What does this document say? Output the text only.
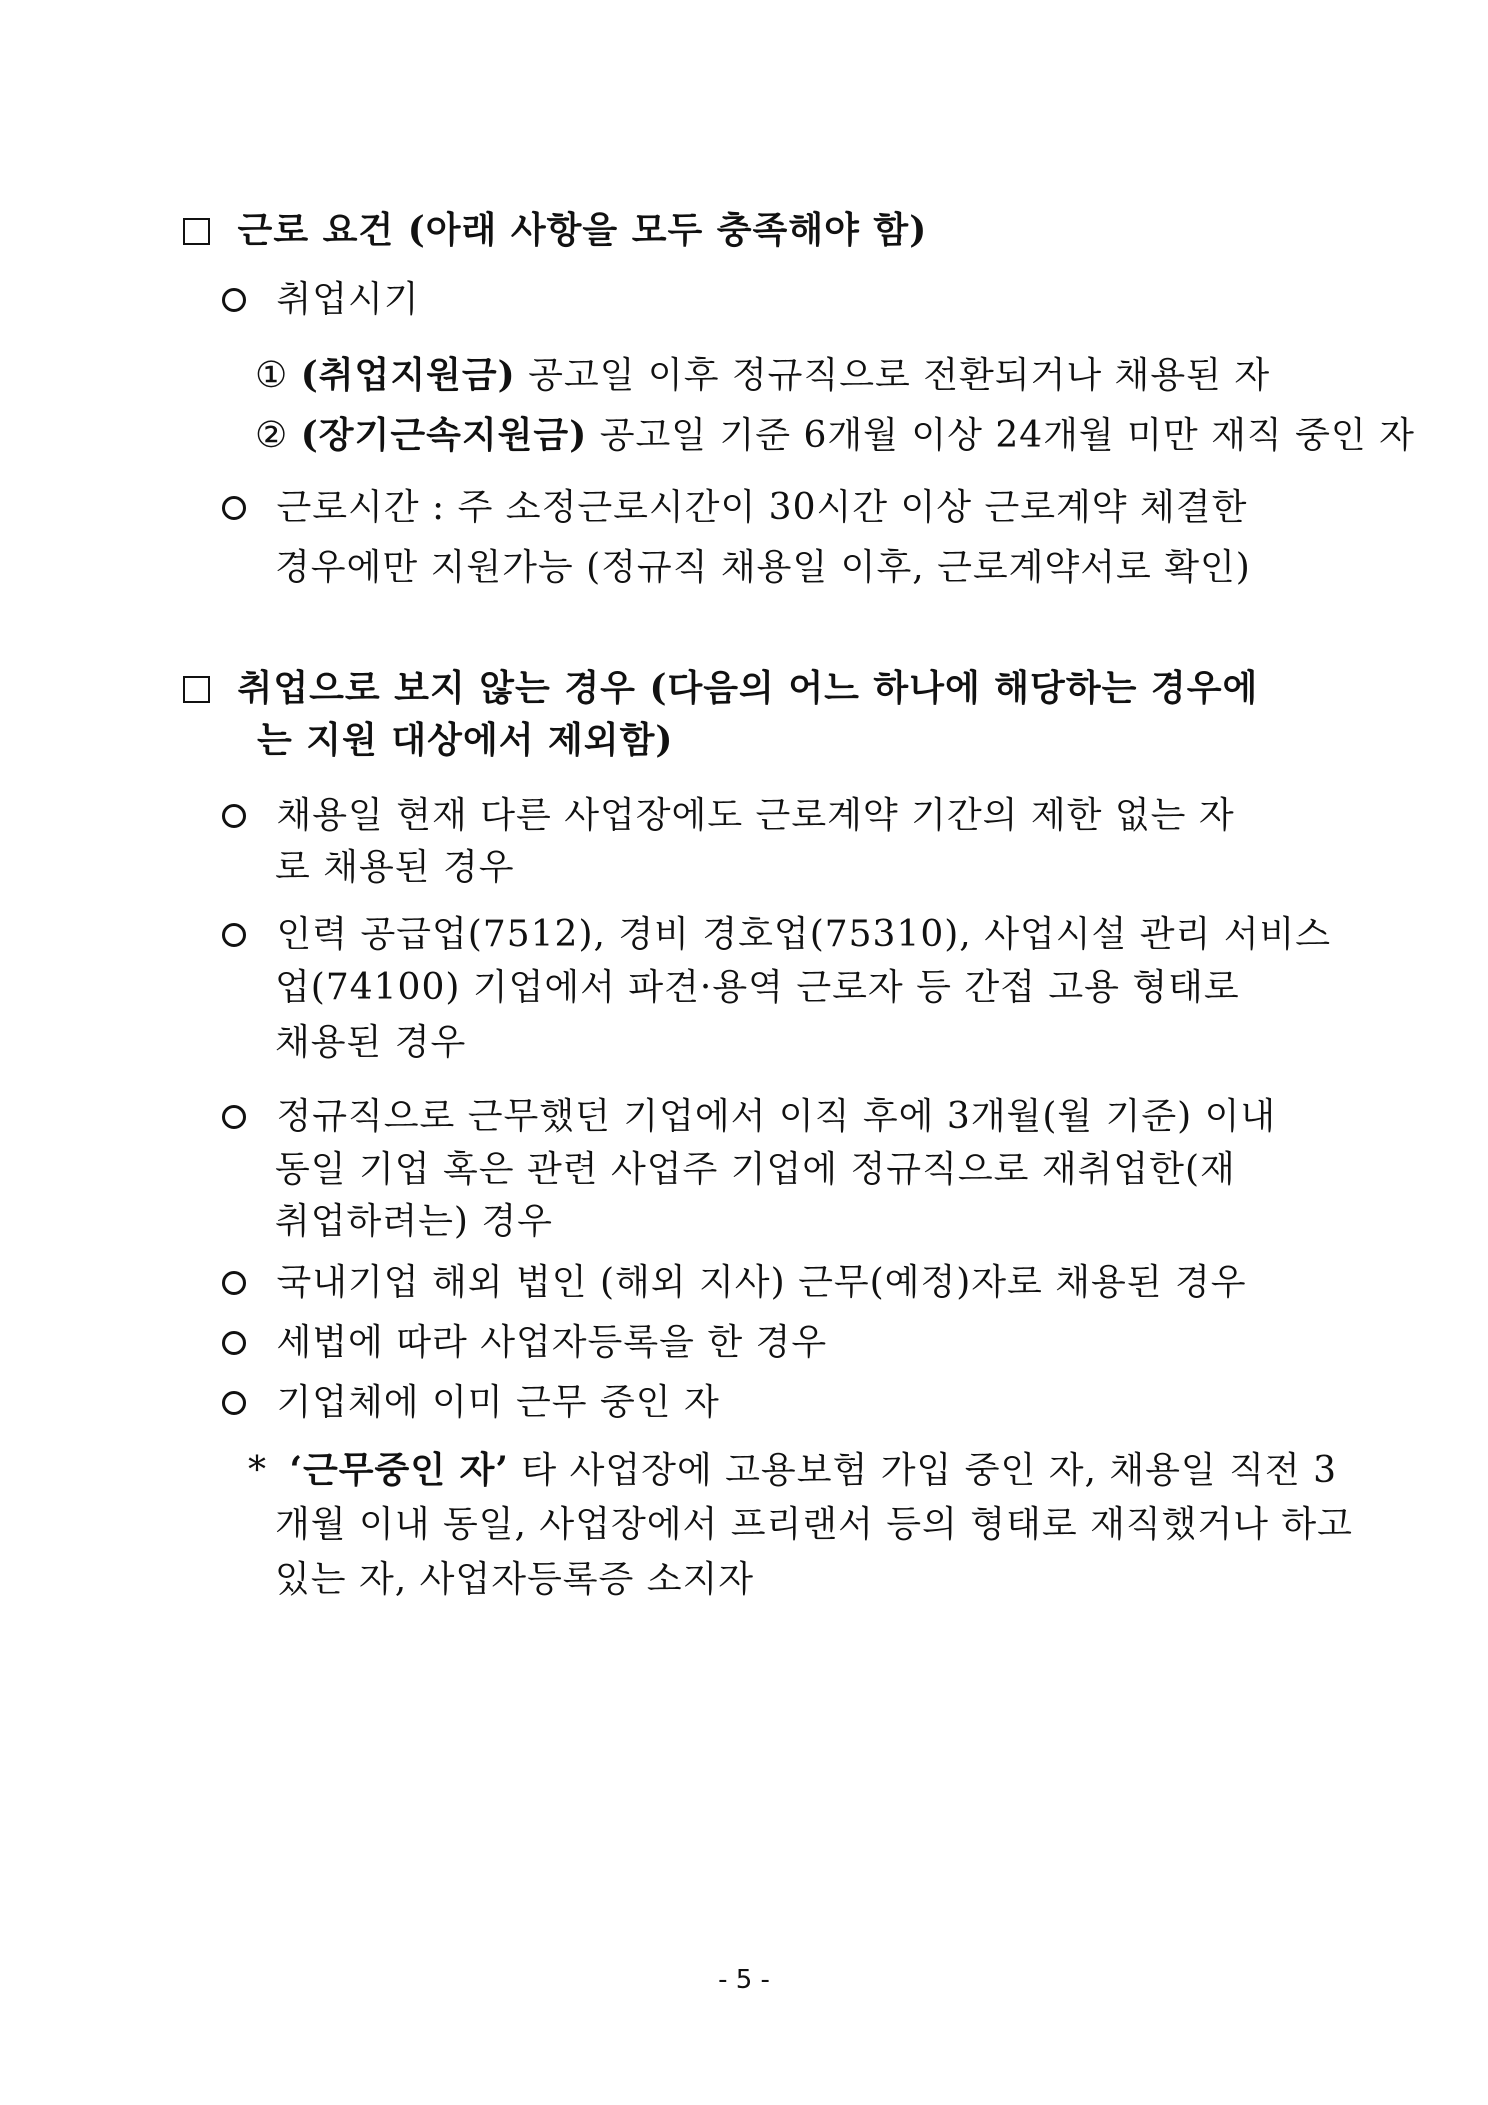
근로 요건 (아래 사항을 모두 충족해야 함)
취업시기
① (취업지원금) 공고일 이후 정규직으로 전환되거나 채용된 자
② (장기근속지원금) 공고일 기준 6개월 이상 24개월 미만 재직 중인 자
근로시간 : 주 소정근로시간이 30시간 이상 근로계약 체결한
경우에만 지원가능 (정규직 채용일 이후, 근로계약서로 확인)
취업으로 보지 않는 경우 (다음의 어느 하나에 해당하는 경우에
는 지원 대상에서 제외함)
채용일 현재 다른 사업장에도 근로계약 기간의 제한 없는 자
로 채용된 경우
인력 공급업(7512), 경비 경호업(75310), 사업시설 관리 서비스
업(74100) 기업에서 파견·용역 근로자 등 간접 고용 형태로
채용된 경우
정규직으로 근무했던 기업에서 이직 후에 3개월(월 기준) 이내
동일 기업 혹은 관련 사업주 기업에 정규직으로 재취업한(재
취업하려는) 경우
국내기업 해외 법인 (해외 지사) 근무(예정)자로 채용된 경우
세법에 따라 사업자등록을 한 경우
기업체에 이미 근무 중인 자
* ‘근무중인 자’ 타 사업장에 고용보험 가입 중인 자, 채용일 직전 3
개월 이내 동일, 사업장에서 프리랜서 등의 형태로 재직했거나 하고
있는 자, 사업자등록증 소지자
- 5 -
